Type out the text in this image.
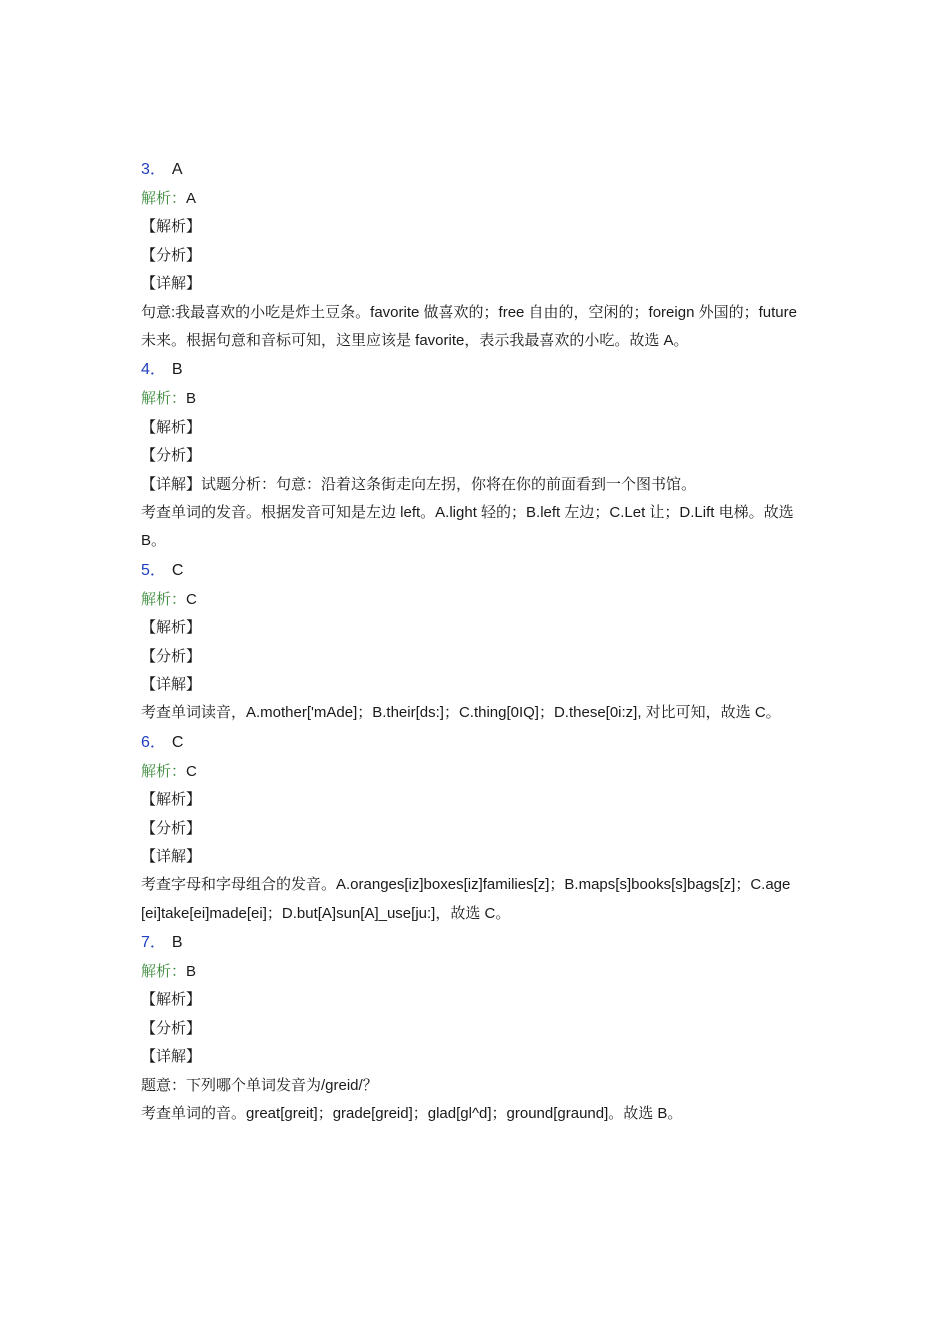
3． A
解析：A
【解析】
【分析】
【详解】
句意:我最喜欢的小吃是炸土豆条。favorite 做喜欢的；free 自由的，空闲的；foreign 外国的；future 未来。根据句意和音标可知，这里应该是 favorite，表示我最喜欢的小吃。故选 A。
4． B
解析：B
【解析】
【分析】
【详解】试题分析：句意：沿着这条街走向左拐，你将在你的前面看到一个图书馆。
考查单词的发音。根据发音可知是左边 left。A.light 轻的；B.left 左边；C.Let 让；D.Lift 电梯。故选 B。
5． C
解析：C
【解析】
【分析】
【详解】
考查单词读音，A.mother['mAde]；B.their[ds:]；C.thing[0IQ]；D.these[0i:z], 对比可知，故选 C。
6． C
解析：C
【解析】
【分析】
【详解】
考查字母和字母组合的发音。A.oranges[iz]boxes[iz]families[z]；B.maps[s]books[s]bags[z]；C.age[ei]take[ei]made[ei]；D.but[A]sun[A]_use[ju:]，故选 C。
7． B
解析：B
【解析】
【分析】
【详解】
题意：下列哪个单词发音为/greid/？
考查单词的音。great[greit]；grade[greid]；glad[gl^d]；ground[graund]。故选 B。
